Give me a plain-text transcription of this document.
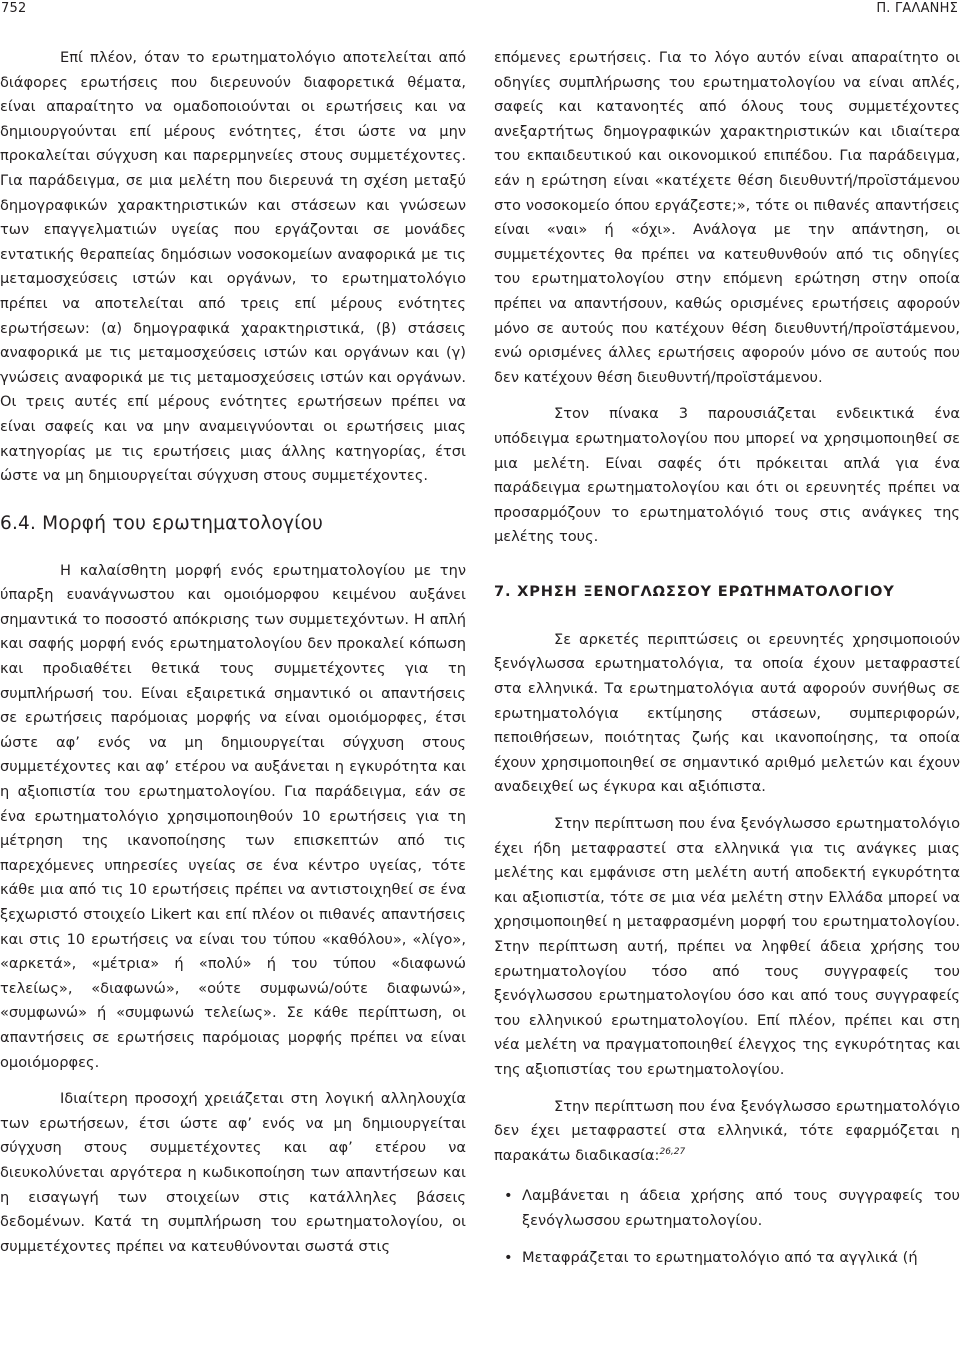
752	Π. ΓΑΛΑΝΗΣ

Επί πλέον, όταν το ερωτηματολόγιο αποτελείται από διάφορες ερωτήσεις που διερευνούν διαφορετικά θέματα, είναι απαραίτητο να ομαδοποιούνται οι ερωτήσεις και να δημιουργούνται επί μέρους ενότητες, έτσι ώστε να μην προκαλείται σύγχυση και παρερμηνείες στους συμμετέχοντες. Για παράδειγμα, σε μια μελέτη που διερευνά τη σχέση μεταξύ δημογραφικών χαρακτηριστικών και στάσεων και γνώσεων των επαγγελματιών υγείας που εργάζονται σε μονάδες εντατικής θεραπείας δημόσιων νοσοκομείων αναφορικά με τις μεταμοσχεύσεις ιστών και οργάνων, το ερωτηματολόγιο πρέπει να αποτελείται από τρεις επί μέρους ενότητες ερωτήσεων: (α) δημογραφικά χαρακτηριστικά, (β) στάσεις αναφορικά με τις μεταμοσχεύσεις ιστών και οργάνων και (γ) γνώσεις αναφορικά με τις μεταμοσχεύσεις ιστών και οργάνων. Οι τρεις αυτές επί μέρους ενότητες ερωτήσεων πρέπει να είναι σαφείς και να μην αναμειγνύονται οι ερωτήσεις μιας κατηγορίας με τις ερωτήσεις μιας άλλης κατηγορίας, έτσι ώστε να μη δημιουργείται σύγχυση στους συμμετέχοντες.

6.4. Μορφή του ερωτηματολογίου

Η καλαίσθητη μορφή ενός ερωτηματολογίου με την ύπαρξη ευανάγνωστου και ομοιόμορφου κειμένου αυξάνει σημαντικά το ποσοστό απόκρισης των συμμετεχόντων. Η απλή και σαφής μορφή ενός ερωτηματολογίου δεν προκαλεί κόπωση και προδιαθέτει θετικά τους συμμετέχοντες για τη συμπλήρωσή του. Είναι εξαιρετικά σημαντικό οι απαντήσεις σε ερωτήσεις παρόμοιας μορφής να είναι ομοιόμορφες, έτσι ώστε αφ’ ενός να μη δημιουργείται σύγχυση στους συμμετέχοντες και αφ’ ετέρου να αυξάνεται η εγκυρότητα και η αξιοπιστία του ερωτηματολογίου. Για παράδειγμα, εάν σε ένα ερωτηματολόγιο χρησιμοποιηθούν 10 ερωτήσεις για τη μέτρηση της ικανοποίησης των επισκεπτών από τις παρεχόμενες υπηρεσίες υγείας σε ένα κέντρο υγείας, τότε κάθε μια από τις 10 ερωτήσεις πρέπει να αντιστοιχηθεί σε ένα ξεχωριστό στοιχείο Likert και επί πλέον οι πιθανές απαντήσεις και στις 10 ερωτήσεις να είναι του τύπου «καθόλου», «λίγο», «αρκετά», «μέτρια» ή «πολύ» ή του τύπου «διαφωνώ τελείως», «διαφωνώ», «ούτε συμφωνώ/ούτε διαφωνώ», «συμφωνώ» ή «συμφωνώ τελείως». Σε κάθε περίπτωση, οι απαντήσεις σε ερωτήσεις παρόμοιας μορφής πρέπει να είναι ομοιόμορφες.

Ιδιαίτερη προσοχή χρειάζεται στη λογική αλληλουχία των ερωτήσεων, έτσι ώστε αφ’ ενός να μη δημιουργείται σύγχυση στους συμμετέχοντες και αφ’ ετέρου να διευκολύνεται αργότερα η κωδικοποίηση των απαντήσεων και η εισαγωγή των στοιχείων στις κατάλληλες βάσεις δεδομένων. Κατά τη συμπλήρωση του ερωτηματολογίου, οι συμμετέχοντες πρέπει να κατευθύνονται σωστά στις

επόμενες ερωτήσεις. Για το λόγο αυτόν είναι απαραίτητο οι οδηγίες συμπλήρωσης του ερωτηματολογίου να είναι απλές, σαφείς και κατανοητές από όλους τους συμμετέχοντες ανεξαρτήτως δημογραφικών χαρακτηριστικών και ιδιαίτερα του εκπαιδευτικού και οικονομικού επιπέδου. Για παράδειγμα, εάν η ερώτηση είναι «κατέχετε θέση διευθυντή/προϊστάμενου στο νοσοκομείο όπου εργάζεστε;», τότε οι πιθανές απαντήσεις είναι «ναι» ή «όχι». Ανάλογα με την απάντηση, οι συμμετέχοντες θα πρέπει να κατευθυνθούν από τις οδηγίες του ερωτηματολογίου στην επόμενη ερώτηση στην οποία πρέπει να απαντήσουν, καθώς ορισμένες ερωτήσεις αφορούν μόνο σε αυτούς που κατέχουν θέση διευθυντή/προϊστάμενου, ενώ ορισμένες άλλες ερωτήσεις αφορούν μόνο σε αυτούς που δεν κατέχουν θέση διευθυντή/προϊστάμενου.

Στον πίνακα 3 παρουσιάζεται ενδεικτικά ένα υπόδειγμα ερωτηματολογίου που μπορεί να χρησιμοποιηθεί σε μια μελέτη. Είναι σαφές ότι πρόκειται απλά για ένα παράδειγμα ερωτηματολογίου και ότι οι ερευνητές πρέπει να προσαρμόζουν το ερωτηματολόγιό τους στις ανάγκες της μελέτης τους.

7. ΧΡΗΣΗ ΞΕΝΟΓΛΩΣΣΟΥ ΕΡΩΤΗΜΑΤΟΛΟΓΙΟΥ

Σε αρκετές περιπτώσεις οι ερευνητές χρησιμοποιούν ξενόγλωσσα ερωτηματολόγια, τα οποία έχουν μεταφραστεί στα ελληνικά. Τα ερωτηματολόγια αυτά αφορούν συνήθως σε ερωτηματολόγια εκτίμησης στάσεων, συμπεριφορών, πεποιθήσεων, ποιότητας ζωής και ικανοποίησης, τα οποία έχουν χρησιμοποιηθεί σε σημαντικό αριθμό μελετών και έχουν αναδειχθεί ως έγκυρα και αξιόπιστα.

Στην περίπτωση που ένα ξενόγλωσσο ερωτηματολόγιο έχει ήδη μεταφραστεί στα ελληνικά για τις ανάγκες μιας μελέτης και εμφάνισε στη μελέτη αυτή αποδεκτή εγκυρότητα και αξιοπιστία, τότε σε μια νέα μελέτη στην Ελλάδα μπορεί να χρησιμοποιηθεί η μεταφρασμένη μορφή του ερωτηματολογίου. Στην περίπτωση αυτή, πρέπει να ληφθεί άδεια χρήσης του ερωτηματολογίου τόσο από τους συγγραφείς του ξενόγλωσσου ερωτηματολογίου όσο και από τους συγγραφείς του ελληνικού ερωτηματολογίου. Επί πλέον, πρέπει και στη νέα μελέτη να πραγματοποιηθεί έλεγχος της εγκυρότητας και της αξιοπιστίας του ερωτηματολογίου.

Στην περίπτωση που ένα ξενόγλωσσο ερωτηματολόγιο δεν έχει μεταφραστεί στα ελληνικά, τότε εφαρμόζεται η παρακάτω διαδικασία:$^{26,27}$

• Λαμβάνεται η άδεια χρήσης από τους συγγραφείς του ξενόγλωσσου ερωτηματολογίου.
• Μεταφράζεται το ερωτηματολόγιο από τα αγγλικά (ή
